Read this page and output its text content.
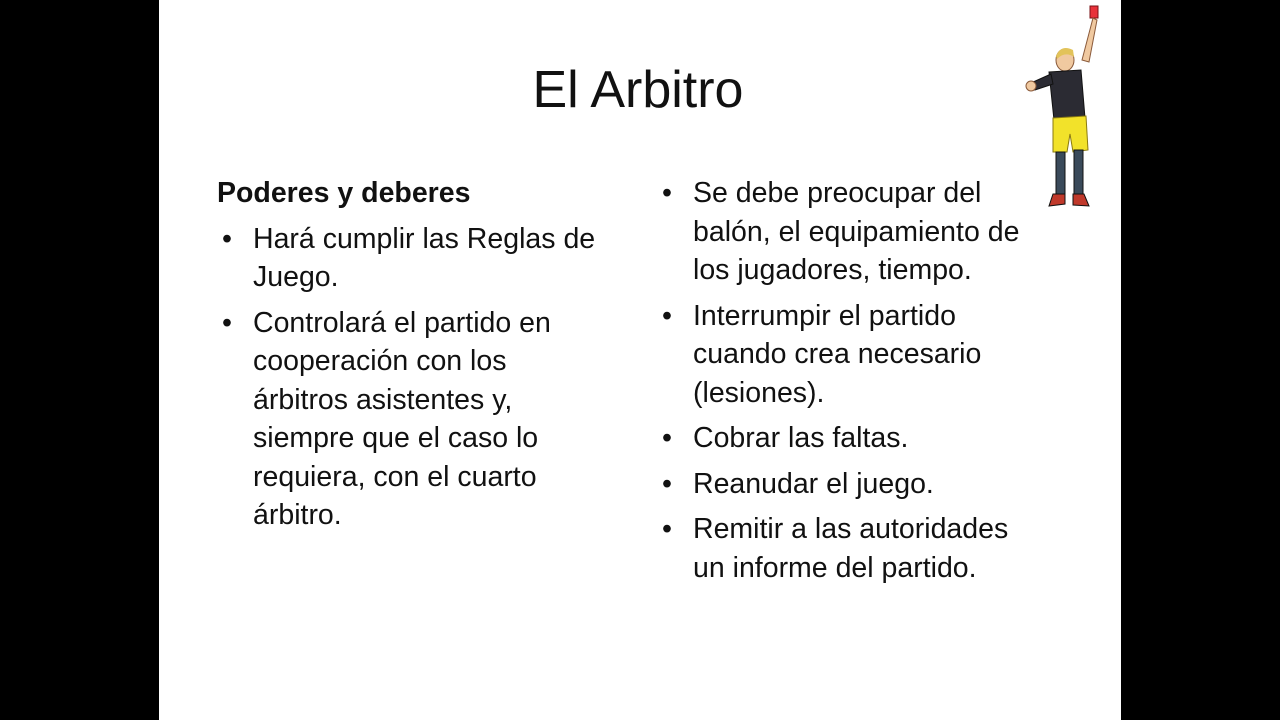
El Arbitro
Poderes y deberes
• Hará cumplir las Reglas de Juego.
• Controlará el partido en cooperación con los árbitros asistentes y, siempre que el caso lo requiera, con el cuarto árbitro.
• Se debe preocupar del balón, el equipamiento de los jugadores, tiempo.
• Interrumpir el partido cuando crea necesario (lesiones).
• Cobrar las faltas.
• Reanudar el juego.
• Remitir a las autoridades un informe del partido.
